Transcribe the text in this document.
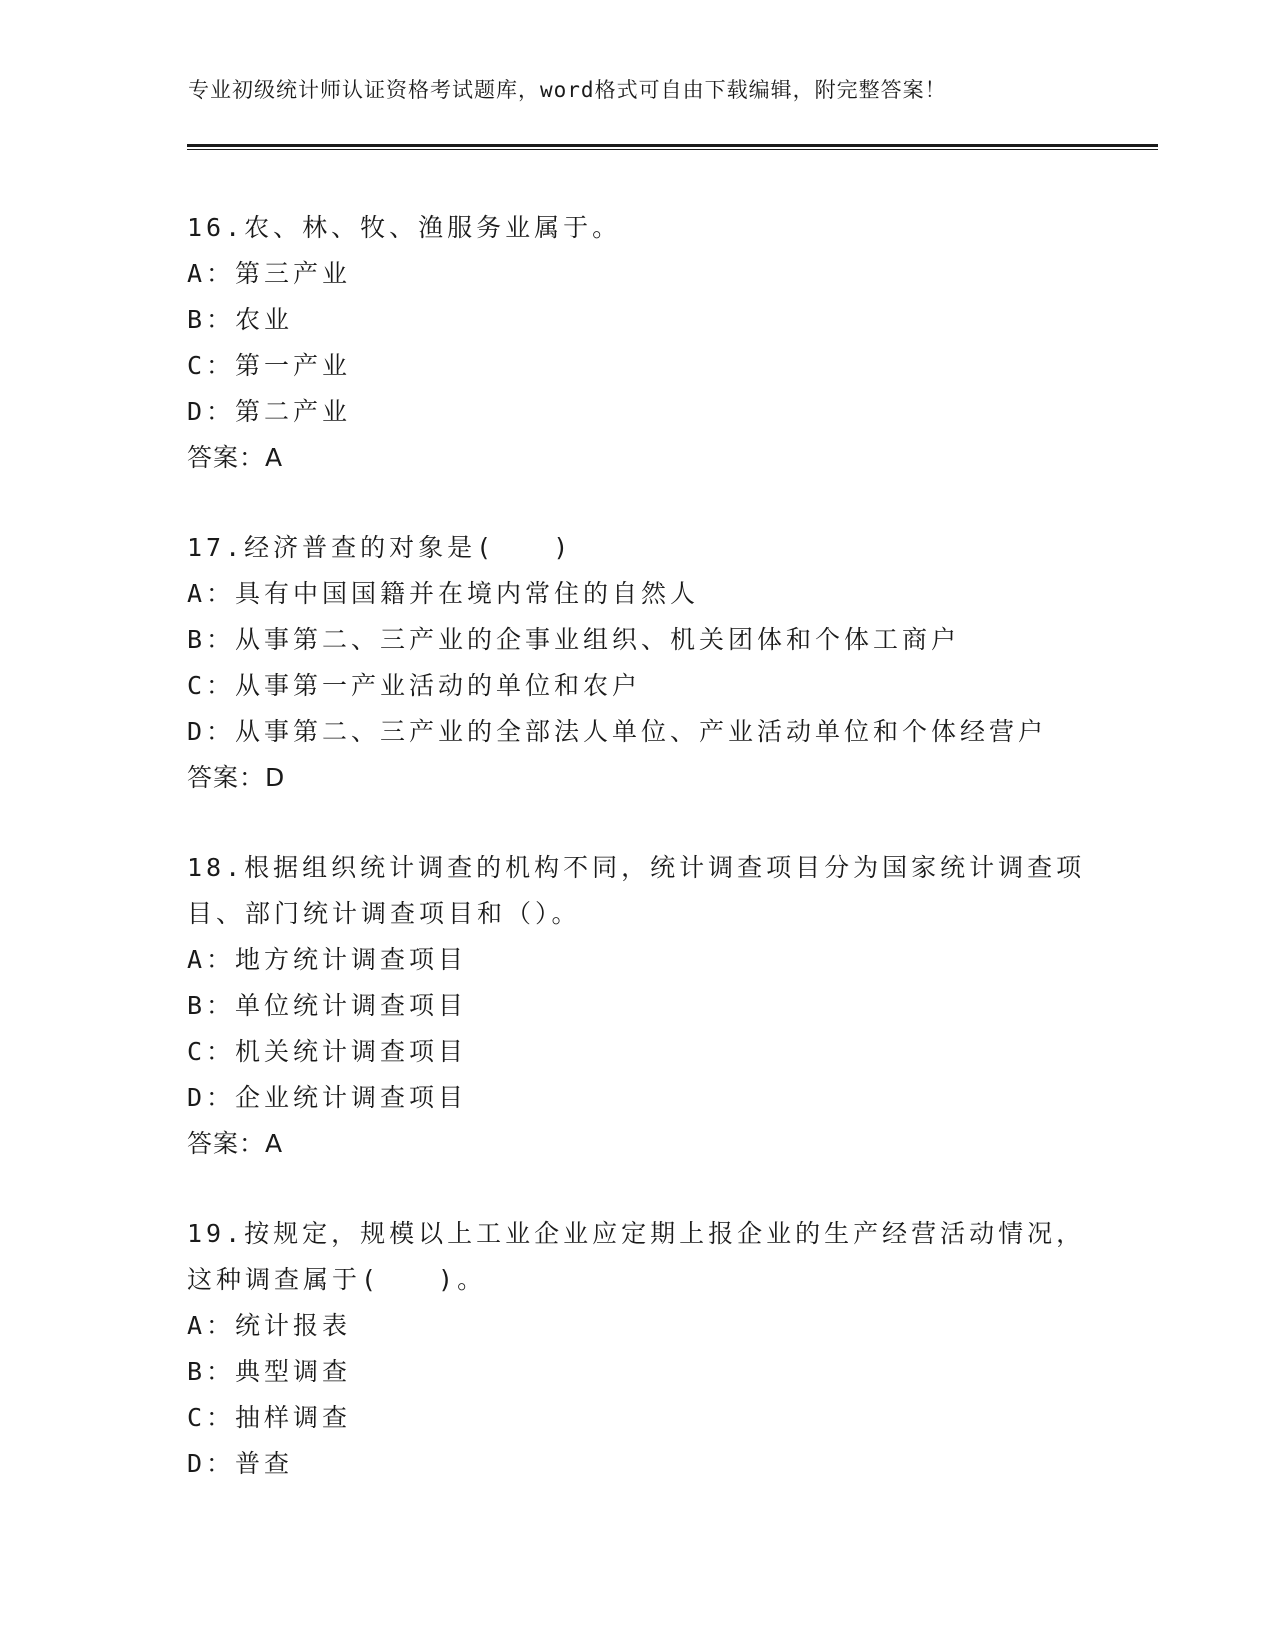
专业初级统计师认证资格考试题库，word格式可自由下载编辑，附完整答案！
16.农、林、牧、渔服务业属于。
A：第三产业
B：农业
C：第一产业
D：第二产业
答案：A
17.经济普查的对象是(　　)
A：具有中国国籍并在境内常住的自然人
B：从事第二、三产业的企事业组织、机关团体和个体工商户
C：从事第一产业活动的单位和农户
D：从事第二、三产业的全部法人单位、产业活动单位和个体经营户
答案：D
18.根据组织统计调查的机构不同，统计调查项目分为国家统计调查项
目、部门统计调查项目和（）。
A：地方统计调查项目
B：单位统计调查项目
C：机关统计调查项目
D：企业统计调查项目
答案：A
19.按规定，规模以上工业企业应定期上报企业的生产经营活动情况，
这种调查属于(　　)。
A：统计报表
B：典型调查
C：抽样调查
D：普查
